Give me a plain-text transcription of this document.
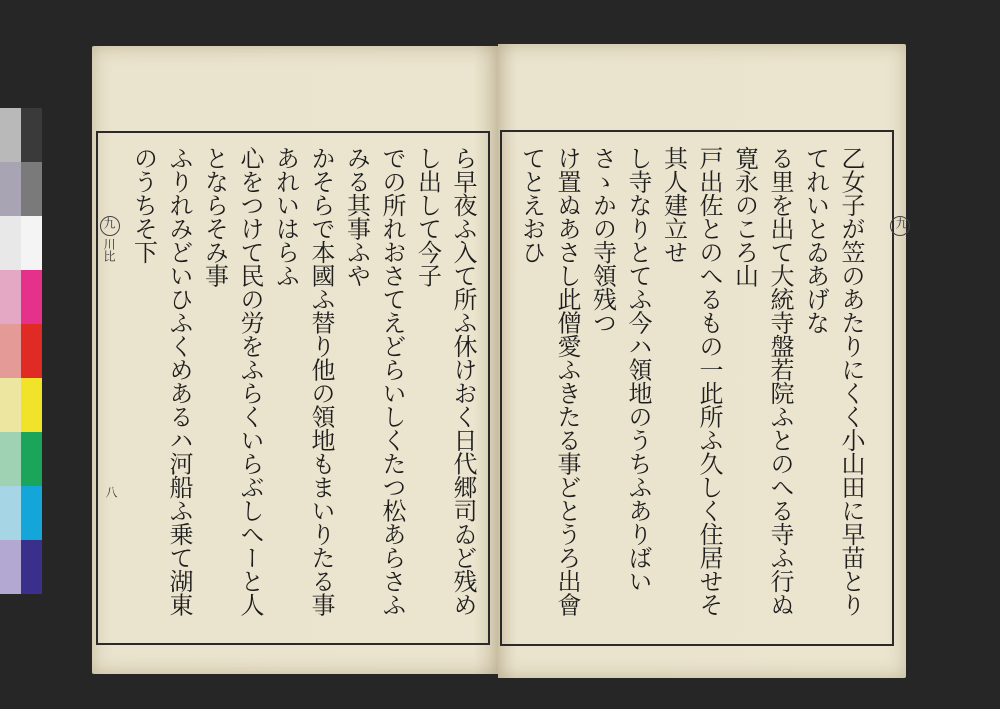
九
川比
八
九

乙女子が笠のあたりにくく小山田に早苗とりてれいとゐあげな

る里を出て大統寺盤若院ふとのへる寺ふ行ぬ寛永のころ山

戸出佐とのへるもの一此所ふ久しく住居せそ其人建立せ

し寺なりとてふ今ハ領地のうちふありばいさゝかの寺領残つ

け置ぬあさし此僧愛ふきたる事どとうろ出會てとえおひ

ら早夜ふ入て所ふ休けおく日代郷司ゐど残めし出して今子

での所れおさてえどらいしくたつ松あらさふみる其事ふや

かそらで本國ふ替り他の領地もまいりたる事あれいはらふ

心をつけて民の労をふらくいらぶしへーと人とならそみ事

ふりれみどいひふくめあるハ河船ふ乗て湖東のうちそ下
